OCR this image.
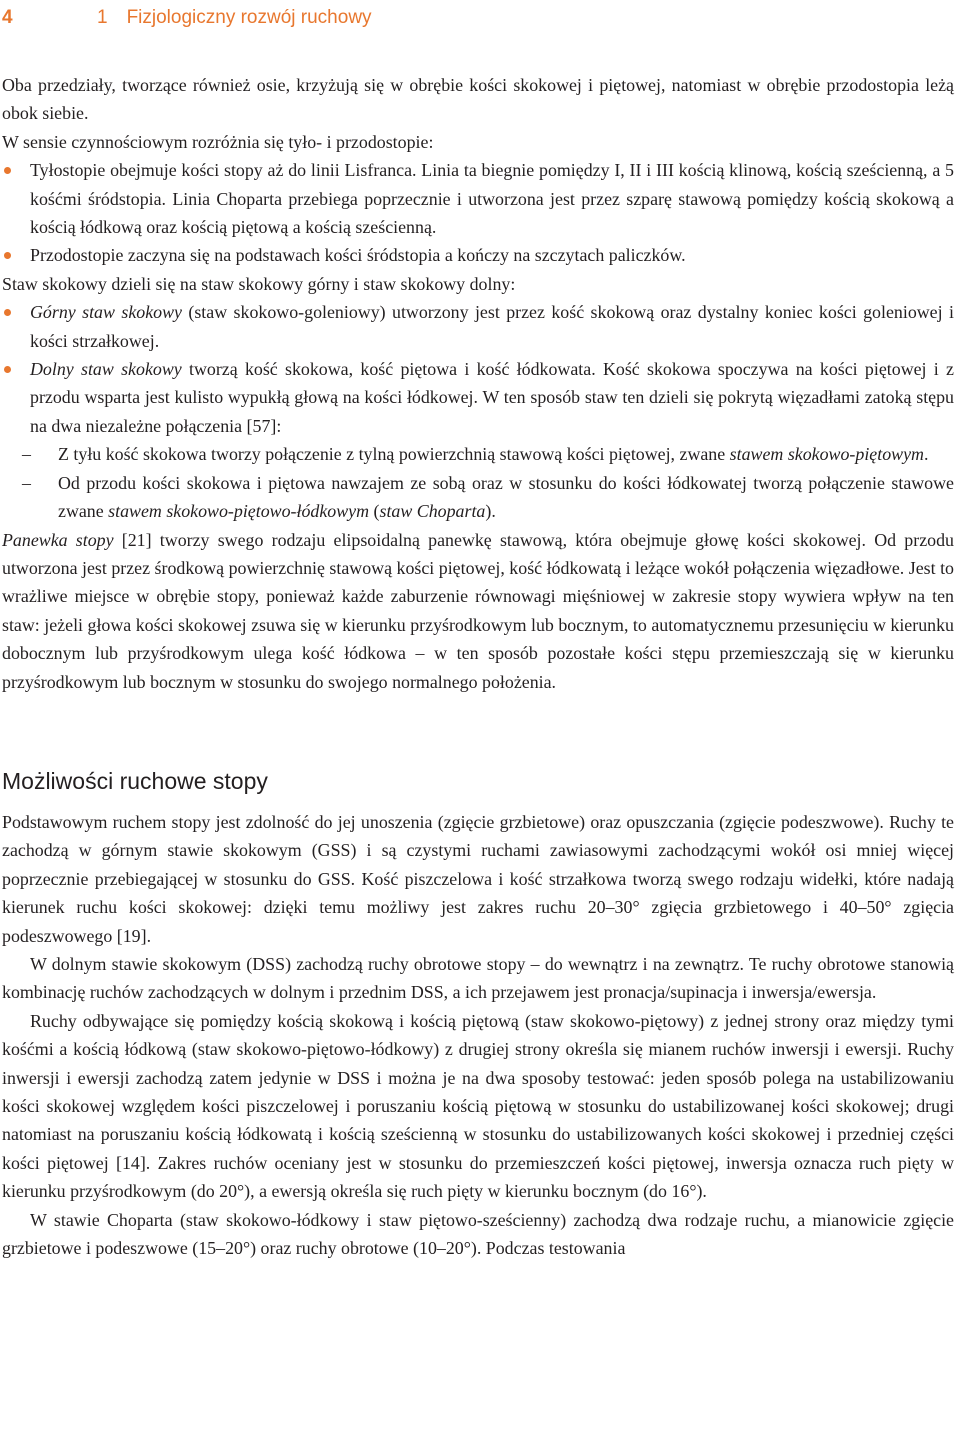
4	1 Fizjologiczny rozwój ruchowy

Oba przedziały, tworzące również osie, krzyżują się w obrębie kości skokowej i piętowej, natomiast w obrębie przodostopia leżą obok siebie.

W sensie czynnościowym rozróżnia się tyło- i przodostopie:

Tyłostopie obejmuje kości stopy aż do linii Lisfranca. Linia ta biegnie pomiędzy I, II i III kością klinową, kością sześcienną, a 5 kośćmi śródstopia. Linia Choparta przebiega poprzecznie i utworzona jest przez szparę stawową pomiędzy kością skokową a kością łódkową oraz kością piętową a kością sześcienną.
Przodostopie zaczyna się na podstawach kości śródstopia a kończy na szczytach paliczków.

Staw skokowy dzieli się na staw skokowy górny i staw skokowy dolny:

Górny staw skokowy (staw skokowo-goleniowy) utworzony jest przez kość skokową oraz dystalny koniec kości goleniowej i kości strzałkowej.
Dolny staw skokowy tworzą kość skokowa, kość piętowa i kość łódkowata. Kość skokowa spoczywa na kości piętowej i z przodu wsparta jest kulisto wypukłą głową na kości łódkowej. W ten sposób staw ten dzieli się pokrytą więzadłami zatoką stępu na dwa niezależne połączenia [57]:
– Z tyłu kość skokowa tworzy połączenie z tylną powierzchnią stawową kości piętowej, zwane stawem skokowo-piętowym.
– Od przodu kości skokowa i piętowa nawzajem ze sobą oraz w stosunku do kości łódkowatej tworzą połączenie stawowe zwane stawem skokowo-piętowo-łódkowym (staw Choparta).

Panewka stopy [21] tworzy swego rodzaju elipsoidalną panewkę stawową, która obejmuje głowę kości skokowej. Od przodu utworzona jest przez środkową powierzchnię stawową kości piętowej, kość łódkowatą i leżące wokół połączenia więzadłowe. Jest to wrażliwe miejsce w obrębie stopy, ponieważ każde zaburzenie równowagi mięśniowej w zakresie stopy wywiera wpływ na ten staw: jeżeli głowa kości skokowej zsuwa się w kierunku przyśrodkowym lub bocznym, to automatycznemu przesunięciu w kierunku dobocznym lub przyśrodkowym ulega kość łódkowa – w ten sposób pozostałe kości stępu przemieszczają się w kierunku przyśrodkowym lub bocznym w stosunku do swojego normalnego położenia.

Możliwości ruchowe stopy

Podstawowym ruchem stopy jest zdolność do jej unoszenia (zgięcie grzbietowe) oraz opuszczania (zgięcie podeszwowe). Ruchy te zachodzą w górnym stawie skokowym (GSS) i są czystymi ruchami zawiasowymi zachodzącymi wokół osi mniej więcej poprzecznie przebiegającej w stosunku do GSS. Kość piszczelowa i kość strzałkowa tworzą swego rodzaju widełki, które nadają kierunek ruchu kości skokowej: dzięki temu możliwy jest zakres ruchu 20–30° zgięcia grzbietowego i 40–50° zgięcia podeszwowego [19].

W dolnym stawie skokowym (DSS) zachodzą ruchy obrotowe stopy – do wewnątrz i na zewnątrz. Te ruchy obrotowe stanowią kombinację ruchów zachodzących w dolnym i przednim DSS, a ich przejawem jest pronacja/supinacja i inwersja/ewersja.

Ruchy odbywające się pomiędzy kością skokową i kością piętową (staw skokowo-piętowy) z jednej strony oraz między tymi kośćmi a kością łódkową (staw skokowo-piętowo-łódkowy) z drugiej strony określa się mianem ruchów inwersji i ewersji. Ruchy inwersji i ewersji zachodzą zatem jedynie w DSS i można je na dwa sposoby testować: jeden sposób polega na ustabilizowaniu kości skokowej względem kości piszczelowej i poruszaniu kością piętową w stosunku do ustabilizowanej kości skokowej; drugi natomiast na poruszaniu kością łódkowatą i kością sześcienną w stosunku do ustabilizowanych kości skokowej i przedniej części kości piętowej [14]. Zakres ruchów oceniany jest w stosunku do przemieszczeń kości piętowej, inwersja oznacza ruch pięty w kierunku przyśrodkowym (do 20°), a ewersją określa się ruch pięty w kierunku bocznym (do 16°).

W stawie Choparta (staw skokowo-łódkowy i staw piętowo-sześcienny) zachodzą dwa rodzaje ruchu, a mianowicie zgięcie grzbietowe i podeszwowe (15–20°) oraz ruchy obrotowe (10–20°). Podczas testowania
